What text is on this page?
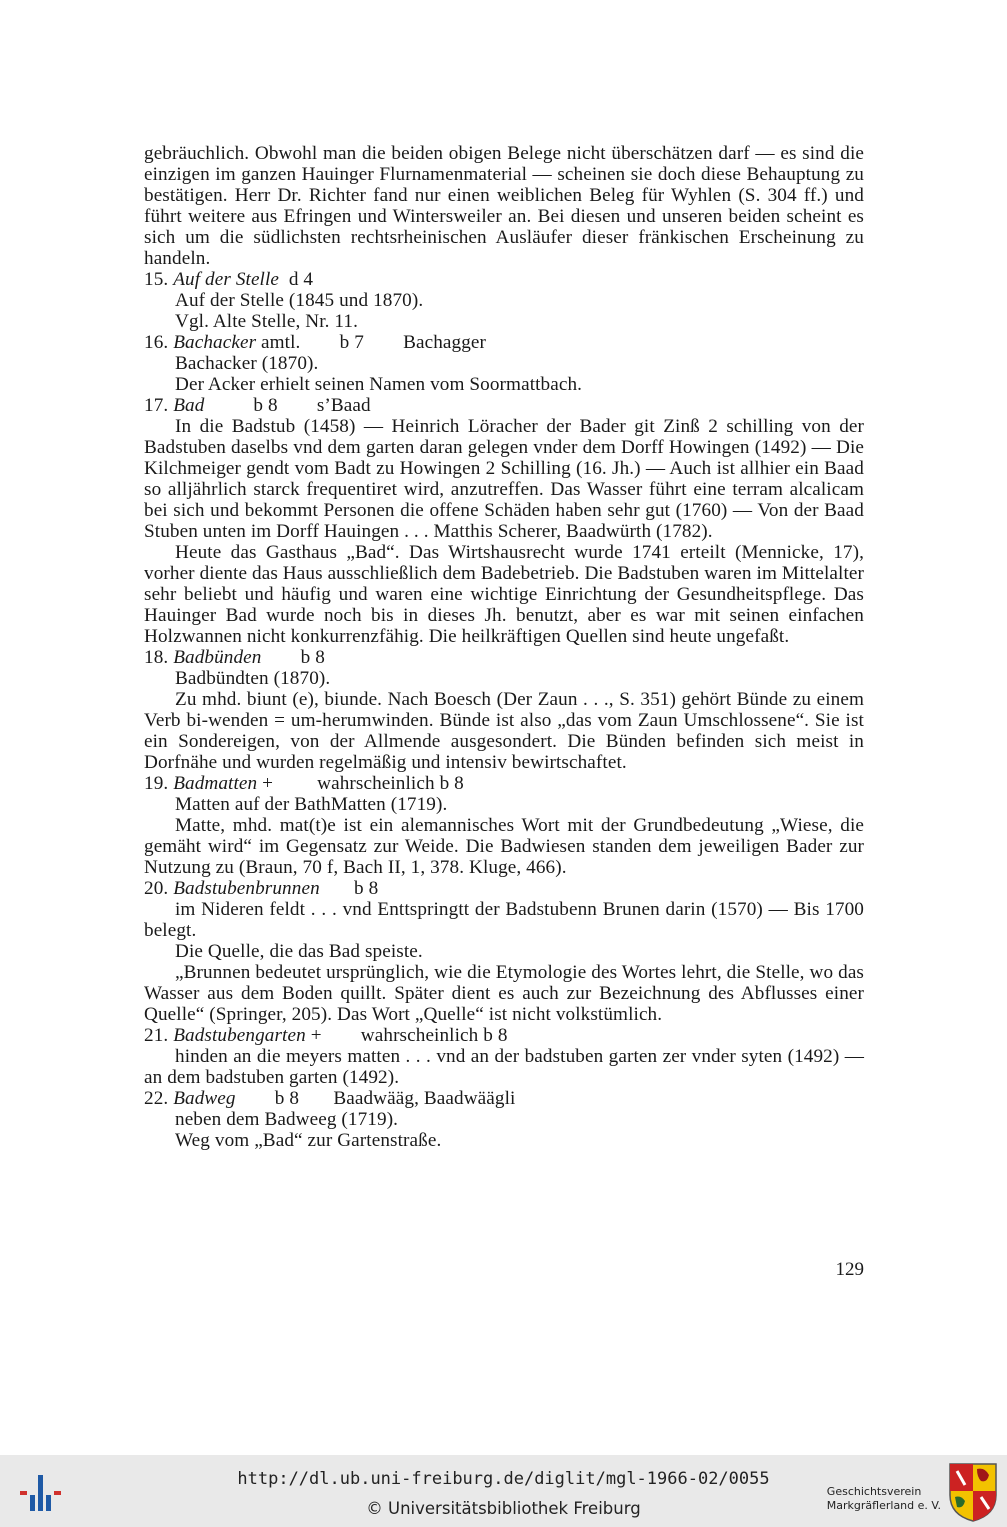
gebräuchlich. Obwohl man die beiden obigen Belege nicht überschätzen darf — es sind die einzigen im ganzen Hauinger Flurnamenmaterial — scheinen sie doch diese Behauptung zu bestätigen. Herr Dr. Richter fand nur einen weiblichen Beleg für Wyhlen (S. 304 ff.) und führt weitere aus Efringen und Wintersweiler an. Bei diesen und unseren beiden scheint es sich um die südlichsten rechtsrheinischen Ausläufer dieser fränkischen Erscheinung zu handeln.

15. Auf der Stelle  d 4
Auf der Stelle (1845 und 1870).
Vgl. Alte Stelle, Nr. 11.
16. Bachacker amtl.        b 7        Bachagger
Bachacker (1870).
Der Acker erhielt seinen Namen vom Soormattbach.
17. Bad          b 8        s’Baad

In die Badstub (1458) — Heinrich Löracher der Bader git Zinß 2 schilling von der Badstuben daselbs vnd dem garten daran gelegen vnder dem Dorff Howingen (1492) — Die Kilchmeiger gendt vom Badt zu Howingen 2 Schilling (16. Jh.) — Auch ist allhier ein Baad so alljährlich starck frequentiret wird, anzutreffen. Das Wasser führt eine terram alcalicam bei sich und bekommt Personen die offene Schäden haben sehr gut (1760) — Von der Baad Stuben unten im Dorff Hauingen . . . Matthis Scherer, Baadwürth (1782).

Heute das Gasthaus „Bad“. Das Wirtshausrecht wurde 1741 erteilt (Mennicke, 17), vorher diente das Haus ausschließlich dem Badebetrieb. Die Badstuben waren im Mittelalter sehr beliebt und häufig und waren eine wichtige Einrichtung der Gesundheitspflege. Das Hauinger Bad wurde noch bis in dieses Jh. benutzt, aber es war mit seinen einfachen Holzwannen nicht konkurrenzfähig. Die heilkräftigen Quellen sind heute ungefaßt.

18. Badbünden        b 8
Badbündten (1870).

Zu mhd. biunt (e), biunde. Nach Boesch (Der Zaun . . ., S. 351) gehört Bünde zu einem Verb bi-wenden = um-herumwinden. Bünde ist also „das vom Zaun Umschlossene“. Sie ist ein Sondereigen, von der Allmende ausgesondert. Die Bünden befinden sich meist in Dorfnähe und wurden regelmäßig und intensiv bewirtschaftet.

19. Badmatten +         wahrscheinlich b 8
Matten auf der BathMatten (1719).

Matte, mhd. mat(t)e ist ein alemannisches Wort mit der Grundbedeutung „Wiese, die gemäht wird“ im Gegensatz zur Weide. Die Badwiesen standen dem jeweiligen Bader zur Nutzung zu (Braun, 70 f, Bach II, 1, 378. Kluge, 466).

20. Badstubenbrunnen       b 8

im Nideren feldt . . . vnd Enttspringtt der Badstubenn Brunen darin (1570) — Bis 1700 belegt.

Die Quelle, die das Bad speiste.

„Brunnen bedeutet ursprünglich, wie die Etymologie des Wortes lehrt, die Stelle, wo das Wasser aus dem Boden quillt. Später dient es auch zur Bezeichnung des Abflusses einer Quelle“ (Springer, 205). Das Wort „Quelle“ ist nicht volkstümlich.

21. Badstubengarten +        wahrscheinlich b 8

hinden an die meyers matten . . . vnd an der badstuben garten zer vnder syten (1492) — an dem badstuben garten (1492).

22. Badweg        b 8       Baadwääg, Baadwäägli
neben dem Badweeg (1719).
Weg vom „Bad“ zur Gartenstraße.
129
http://dl.ub.uni-freiburg.de/diglit/mgl-1966-02/0055
© Universitätsbibliothek Freiburg
Geschichtsverein
Markgräflerland e. V.
